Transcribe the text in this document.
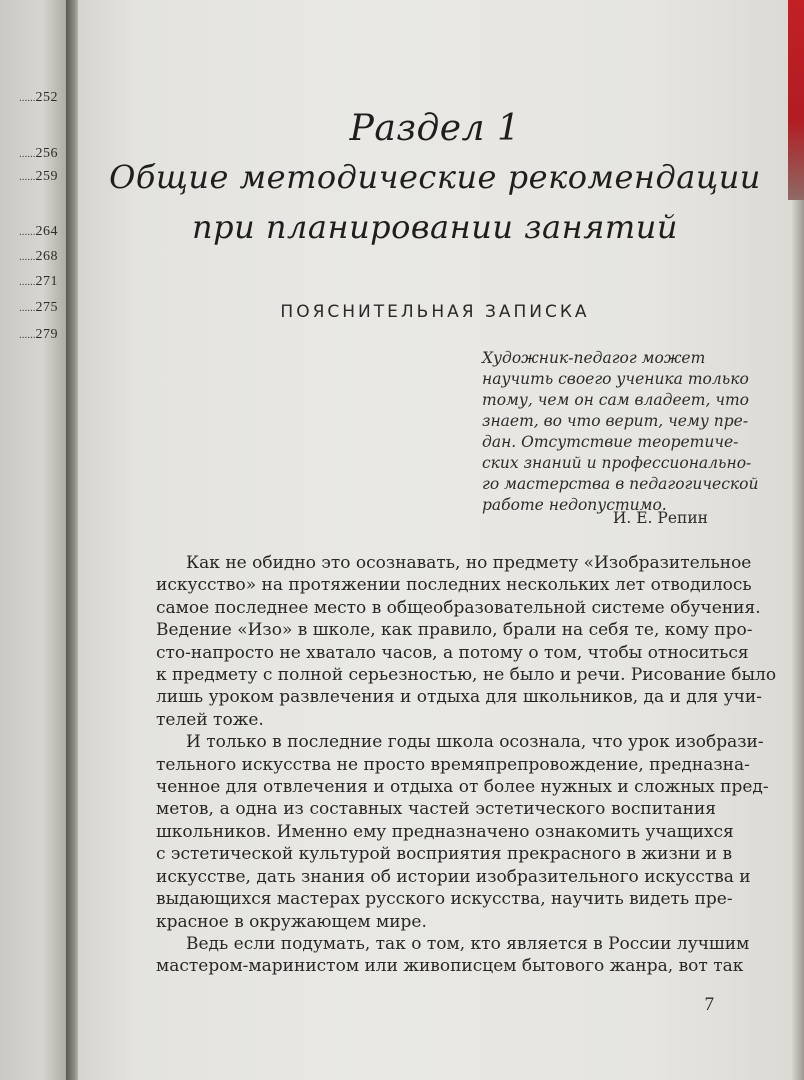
......252
......256
......259
......264
......268
......271
......275
......279
Раздел 1
Общие методические рекомендации
при планировании занятий
ПОЯСНИТЕЛЬНАЯ ЗАПИСКА
Художник-педагог может
научить своего ученика только
тому, чем он сам владеет, что
знает, во что верит, чему пре-
дан. Отсутствие теоретиче-
ских знаний и профессионально-
го мастерства в педагогической
работе недопустимо.
И. Е. Репин
Как не обидно это осознавать, но предмету «Изобразительное
искусство» на протяжении последних нескольких лет отводилось
самое последнее место в общеобразовательной системе обучения.
Ведение «Изо» в школе, как правило, брали на себя те, кому про-
сто-напросто не хватало часов, а потому о том, чтобы относиться
к предмету с полной серьезностью, не было и речи. Рисование было
лишь уроком развлечения и отдыха для школьников, да и для учи-
телей тоже.
И только в последние годы школа осознала, что урок изобрази-
тельного искусства не просто времяпрепровождение, предназна-
ченное для отвлечения и отдыха от более нужных и сложных пред-
метов, а одна из составных частей эстетического воспитания
школьников. Именно ему предназначено ознакомить учащихся
с эстетической культурой восприятия прекрасного в жизни и в
искусстве, дать знания об истории изобразительного искусства и
выдающихся мастерах русского искусства, научить видеть пре-
красное в окружающем мире.
Ведь если подумать, так о том, кто является в России лучшим
мастером-маринистом или живописцем бытового жанра, вот так
7
